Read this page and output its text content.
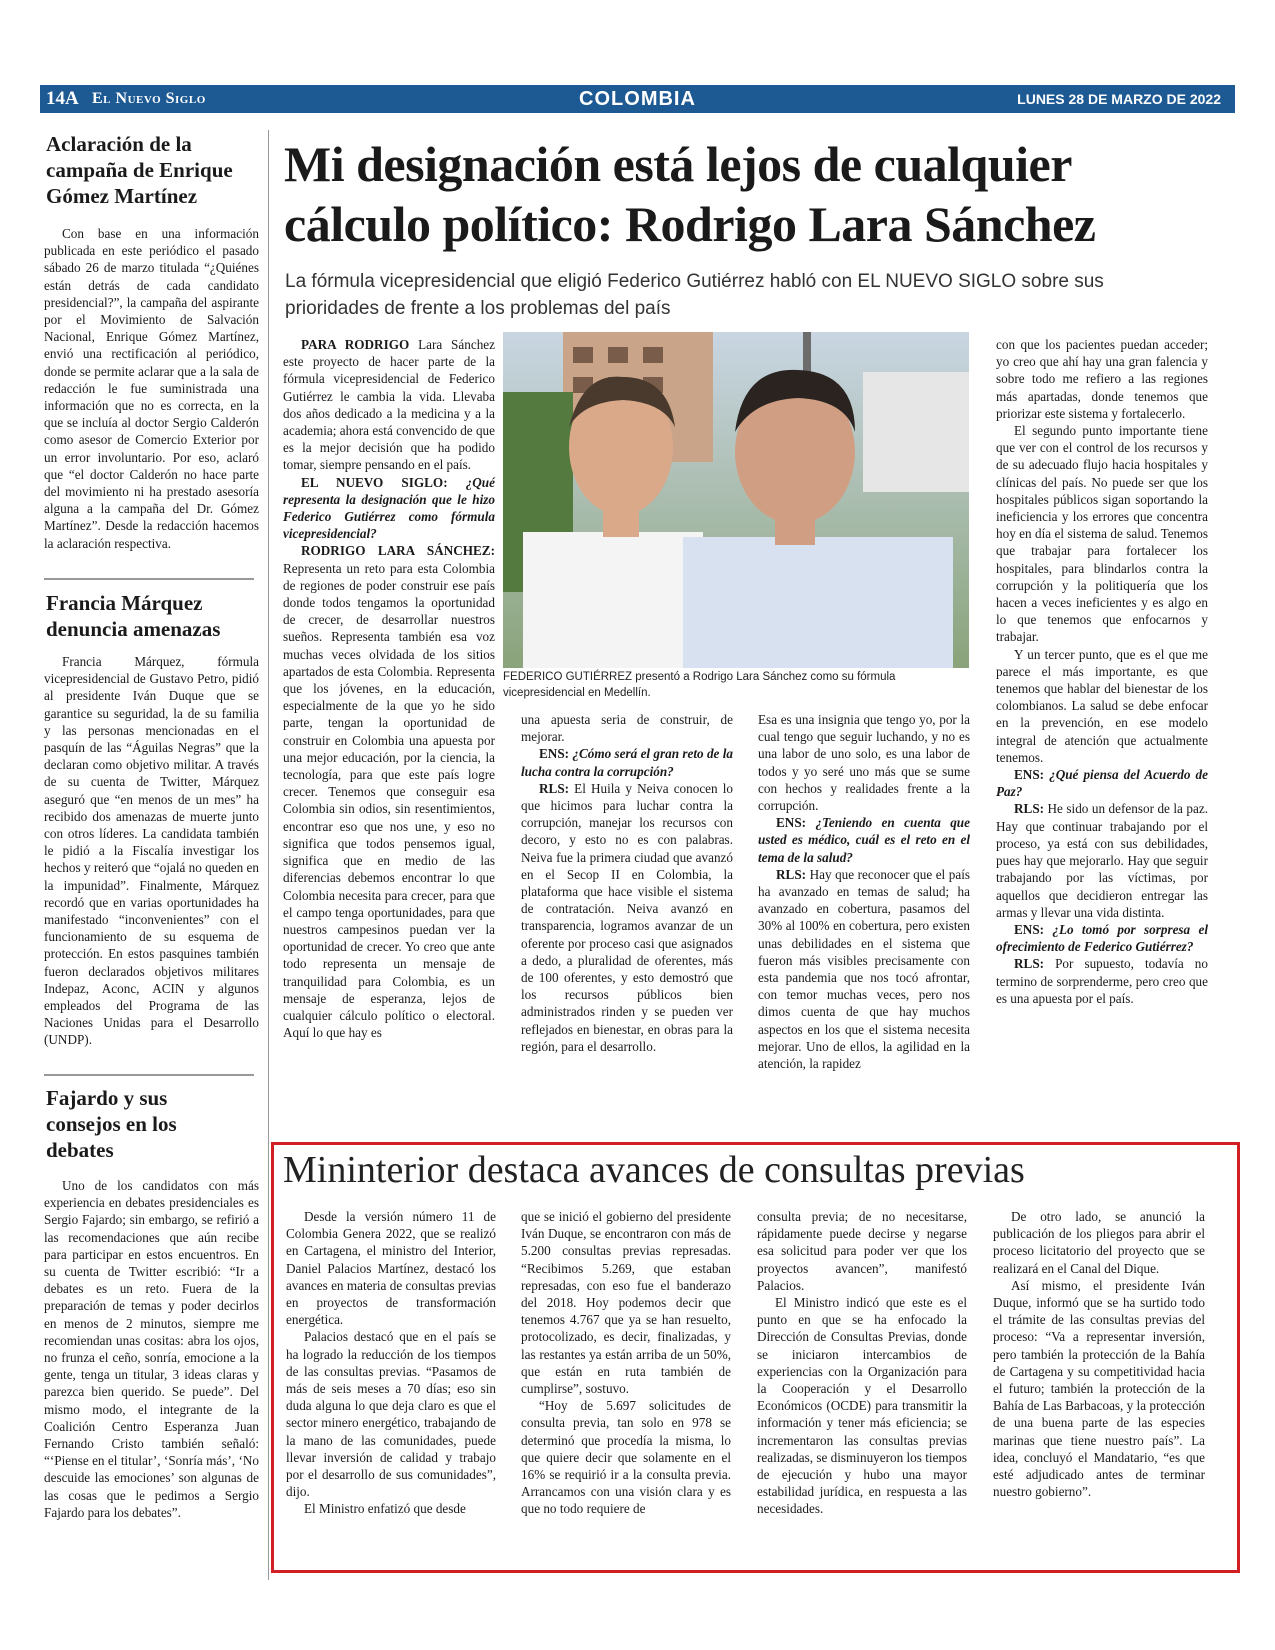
14A El Nuevo Siglo	COLOMBIA	LUNES 28 DE MARZO DE 2022
Aclaración de la campaña de Enrique Gómez Martínez

Con base en una información publicada en este periódico el pasado sábado 26 de marzo titulada “¿Quiénes están detrás de cada candidato presidencial?”, la campaña del aspirante por el Movimiento de Salvación Nacional, Enrique Gómez Martínez, envió una rectificación al periódico, donde se permite aclarar que a la sala de redacción le fue suministrada una información que no es correcta, en la que se incluía al doctor Sergio Calderón como asesor de Comercio Exterior por un error involuntario. Por eso, aclaró que “el doctor Calderón no hace parte del movimiento ni ha prestado asesoría alguna a la campaña del Dr. Gómez Martínez”. Desde la redacción hacemos la aclaración respectiva.

Francia Márquez denuncia amenazas

Francia Márquez, fórmula vicepresidencial de Gustavo Petro, pidió al presidente Iván Duque que se garantice su seguridad, la de su familia y las personas mencionadas en el pasquín de las “Águilas Negras” que la declaran como objetivo militar. A través de su cuenta de Twitter, Márquez aseguró que “en menos de un mes” ha recibido dos amenazas de muerte junto con otros líderes. La candidata también le pidió a la Fiscalía investigar los hechos y reiteró que “ojalá no queden en la impunidad”. Finalmente, Márquez recordó que en varias oportunidades ha manifestado “inconvenientes” con el funcionamiento de su esquema de protección. En estos pasquines también fueron declarados objetivos militares Indepaz, Aconc, ACIN y algunos empleados del Programa de las Naciones Unidas para el Desarrollo (UNDP).

Fajardo y sus consejos en los debates

Uno de los candidatos con más experiencia en debates presidenciales es Sergio Fajardo; sin embargo, se refirió a las recomendaciones que aún recibe para participar en estos encuentros. En su cuenta de Twitter escribió: “Ir a debates es un reto. Fuera de la preparación de temas y poder decirlos en menos de 2 minutos, siempre me recomiendan unas cositas: abra los ojos, no frunza el ceño, sonría, emocione a la gente, tenga un titular, 3 ideas claras y parezca bien querido. Se puede”. Del mismo modo, el integrante de la Coalición Centro Esperanza Juan Fernando Cristo también señaló: “‘Piense en el titular’, ‘Sonría más’, ‘No descuide las emociones’ son algunas de las cosas que le pedimos a Sergio Fajardo para los debates”.

Mi designación está lejos de cualquier
cálculo político: Rodrigo Lara Sánchez
La fórmula vicepresidencial que eligió Federico Gutiérrez habló con EL NUEVO SIGLO sobre sus
prioridades de frente a los problemas del país

PARA RODRIGO Lara Sánchez este proyecto de hacer parte de la fórmula vicepresidencial de Federico Gutiérrez le cambia la vida. Llevaba dos años dedicado a la medicina y a la academia; ahora está convencido de que es la mejor decisión que ha podido tomar, siempre pensando en el país.

EL NUEVO SIGLO: ¿Qué representa la designación que le hizo Federico Gutiérrez como fórmula vicepresidencial?

RODRIGO LARA SÁNCHEZ: Representa un reto para esta Colombia de regiones de poder construir ese país donde todos tengamos la oportunidad de crecer, de desarrollar nuestros sueños. Representa también esa voz muchas veces olvidada de los sitios apartados de esta Colombia. Representa que los jóvenes, en la educación, especialmente de la que yo he sido parte, tengan la oportunidad de construir en Colombia una apuesta por una mejor educación, por la ciencia, la tecnología, para que este país logre crecer. Tenemos que conseguir esa Colombia sin odios, sin resentimientos, encontrar eso que nos une, y eso no significa que todos pensemos igual, significa que en medio de las diferencias debemos encontrar lo que Colombia necesita para crecer, para que el campo tenga oportunidades, para que nuestros campesinos puedan ver la oportunidad de crecer. Yo creo que ante todo representa un mensaje de tranquilidad para Colombia, es un mensaje de esperanza, lejos de cualquier cálculo político o electoral. Aquí lo que hay es

FEDERICO GUTIÉRREZ presentó a Rodrigo Lara Sánchez como su fórmula
vicepresidencial en Medellín.

una apuesta seria de construir, de mejorar.

ENS: ¿Cómo será el gran reto de la lucha contra la corrupción?

RLS: El Huila y Neiva conocen lo que hicimos para luchar contra la corrupción, manejar los recursos con decoro, y esto no es con palabras. Neiva fue la primera ciudad que avanzó en el Secop II en Colombia, la plataforma que hace visible el sistema de contratación. Neiva avanzó en transparencia, logramos avanzar de un oferente por proceso casi que asignados a dedo, a pluralidad de oferentes, más de 100 oferentes, y esto demostró que los recursos públicos bien administrados rinden y se pueden ver reflejados en bienestar, en obras para la región, para el desarrollo.

Esa es una insignia que tengo yo, por la cual tengo que seguir luchando, y no es una labor de uno solo, es una labor de todos y yo seré uno más que se sume con hechos y realidades frente a la corrupción.

ENS: ¿Teniendo en cuenta que usted es médico, cuál es el reto en el tema de la salud?

RLS: Hay que reconocer que el país ha avanzado en temas de salud; ha avanzado en cobertura, pasamos del 30% al 100% en cobertura, pero existen unas debilidades en el sistema que fueron más visibles precisamente con esta pandemia que nos tocó afrontar, con temor muchas veces, pero nos dimos cuenta de que hay muchos aspectos en los que el sistema necesita mejorar. Uno de ellos, la agilidad en la atención, la rapidez

con que los pacientes puedan acceder; yo creo que ahí hay una gran falencia y sobre todo me refiero a las regiones más apartadas, donde tenemos que priorizar este sistema y fortalecerlo.

El segundo punto importante tiene que ver con el control de los recursos y de su adecuado flujo hacia hospitales y clínicas del país. No puede ser que los hospitales públicos sigan soportando la ineficiencia y los errores que concentra hoy en día el sistema de salud. Tenemos que trabajar para fortalecer los hospitales, para blindarlos contra la corrupción y la politiquería que los hacen a veces ineficientes y es algo en lo que tenemos que enfocarnos y trabajar.

Y un tercer punto, que es el que me parece el más importante, es que tenemos que hablar del bienestar de los colombianos. La salud se debe enfocar en la prevención, en ese modelo integral de atención que actualmente tenemos.

ENS: ¿Qué piensa del Acuerdo de Paz?

RLS: He sido un defensor de la paz. Hay que continuar trabajando por el proceso, ya está con sus debilidades, pues hay que mejorarlo. Hay que seguir trabajando por las víctimas, por aquellos que decidieron entregar las armas y llevar una vida distinta.

ENS: ¿Lo tomó por sorpresa el ofrecimiento de Federico Gutiérrez?

RLS: Por supuesto, todavía no termino de sorprenderme, pero creo que es una apuesta por el país.

Mininterior destaca avances de consultas previas

Desde la versión número 11 de Colombia Genera 2022, que se realizó en Cartagena, el ministro del Interior, Daniel Palacios Martínez, destacó los avances en materia de consultas previas en proyectos de transformación energética.

Palacios destacó que en el país se ha logrado la reducción de los tiempos de las consultas previas. “Pasamos de más de seis meses a 70 días; eso sin duda alguna lo que deja claro es que el sector minero energético, trabajando de la mano de las comunidades, puede llevar inversión de calidad y trabajo por el desarrollo de sus comunidades”, dijo.

El Ministro enfatizó que desde

que se inició el gobierno del presidente Iván Duque, se encontraron con más de 5.200 consultas previas represadas. “Recibimos 5.269, que estaban represadas, con eso fue el banderazo del 2018. Hoy podemos decir que tenemos 4.767 que ya se han resuelto, protocolizado, es decir, finalizadas, y las restantes ya están arriba de un 50%, que están en ruta también de cumplirse”, sostuvo.

“Hoy de 5.697 solicitudes de consulta previa, tan solo en 978 se determinó que procedía la misma, lo que quiere decir que solamente en el 16% se requirió ir a la consulta previa. Arrancamos con una visión clara y es que no todo requiere de

consulta previa; de no necesitarse, rápidamente puede decirse y negarse esa solicitud para poder ver que los proyectos avancen”, manifestó Palacios.

El Ministro indicó que este es el punto en que se ha enfocado la Dirección de Consultas Previas, donde se iniciaron intercambios de experiencias con la Organización para la Cooperación y el Desarrollo Económicos (OCDE) para transmitir la información y tener más eficiencia; se incrementaron las consultas previas realizadas, se disminuyeron los tiempos de ejecución y hubo una mayor estabilidad jurídica, en respuesta a las necesidades.

De otro lado, se anunció la publicación de los pliegos para abrir el proceso licitatorio del proyecto que se realizará en el Canal del Dique.

Así mismo, el presidente Iván Duque, informó que se ha surtido todo el trámite de las consultas previas del proceso: “Va a representar inversión, pero también la protección de la Bahía de Cartagena y su competitividad hacia el futuro; también la protección de la Bahía de Las Barbacoas, y la protección de una buena parte de las especies marinas que tiene nuestro país”. La idea, concluyó el Mandatario, “es que esté adjudicado antes de terminar nuestro gobierno”.
